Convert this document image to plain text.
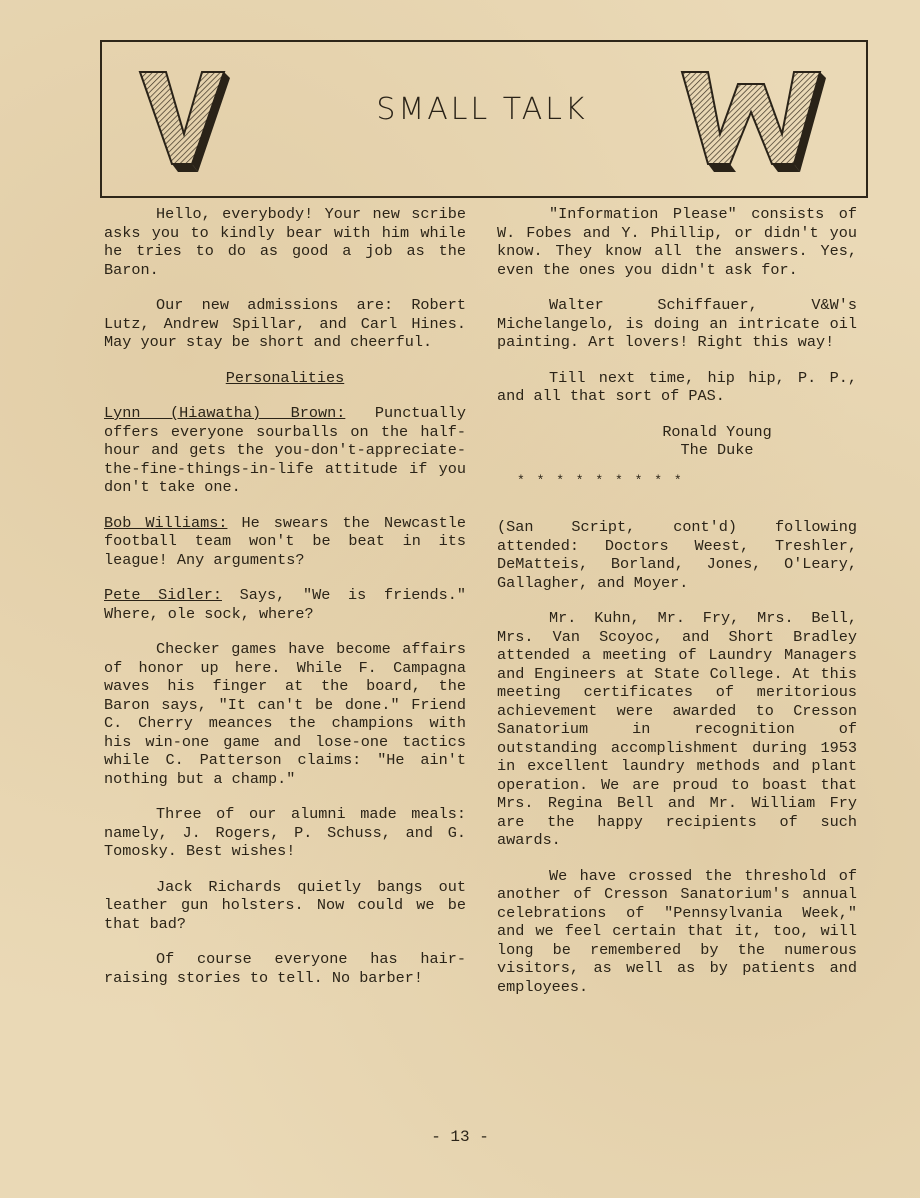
SMALL TALK

Hello, everybody! Your new scribe asks you to kindly bear with him while he tries to do as good a job as the Baron.

Our new admissions are: Robert Lutz, Andrew Spillar, and Carl Hines. May your stay be short and cheerful.

Personalities

Lynn (Hiawatha) Brown: Punctually offers everyone sourballs on the half-hour and gets the you-don't-appreciate-the-fine-things-in-life attitude if you don't take one.

Bob Williams: He swears the Newcastle football team won't be beat in its league! Any arguments?

Pete Sidler: Says, "We is friends." Where, ole sock, where?

Checker games have become affairs of honor up here. While F. Campagna waves his finger at the board, the Baron says, "It can't be done." Friend C. Cherry meances the champions with his win-one game and lose-one tactics while C. Patterson claims: "He ain't nothing but a champ."

Three of our alumni made meals: namely, J. Rogers, P. Schuss, and G. Tomosky. Best wishes!

Jack Richards quietly bangs out leather gun holsters. Now could we be that bad?

Of course everyone has hair-raising stories to tell. No barber!

"Information Please" consists of W. Fobes and Y. Phillip, or didn't you know. They know all the answers. Yes, even the ones you didn't ask for.

Walter Schiffauer, V&W's Michelangelo, is doing an intricate oil painting. Art lovers! Right this way!

Till next time, hip hip, P. P., and all that sort of PAS.

Ronald Young

The Duke

* * * * * * * * *

(San Script, cont'd) following attended: Doctors Weest, Treshler, DeMatteis, Borland, Jones, O'Leary, Gallagher, and Moyer.

Mr. Kuhn, Mr. Fry, Mrs. Bell, Mrs. Van Scoyoc, and Short Bradley attended a meeting of Laundry Managers and Engineers at State College. At this meeting certificates of meritorious achievement were awarded to Cresson Sanatorium in recognition of outstanding accomplishment during 1953 in excellent laundry methods and plant operation. We are proud to boast that Mrs. Regina Bell and Mr. William Fry are the happy recipients of such awards.

We have crossed the threshold of another of Cresson Sanatorium's annual celebrations of "Pennsylvania Week," and we feel certain that it, too, will long be remembered by the numerous visitors, as well as by patients and employees.

- 13 -
